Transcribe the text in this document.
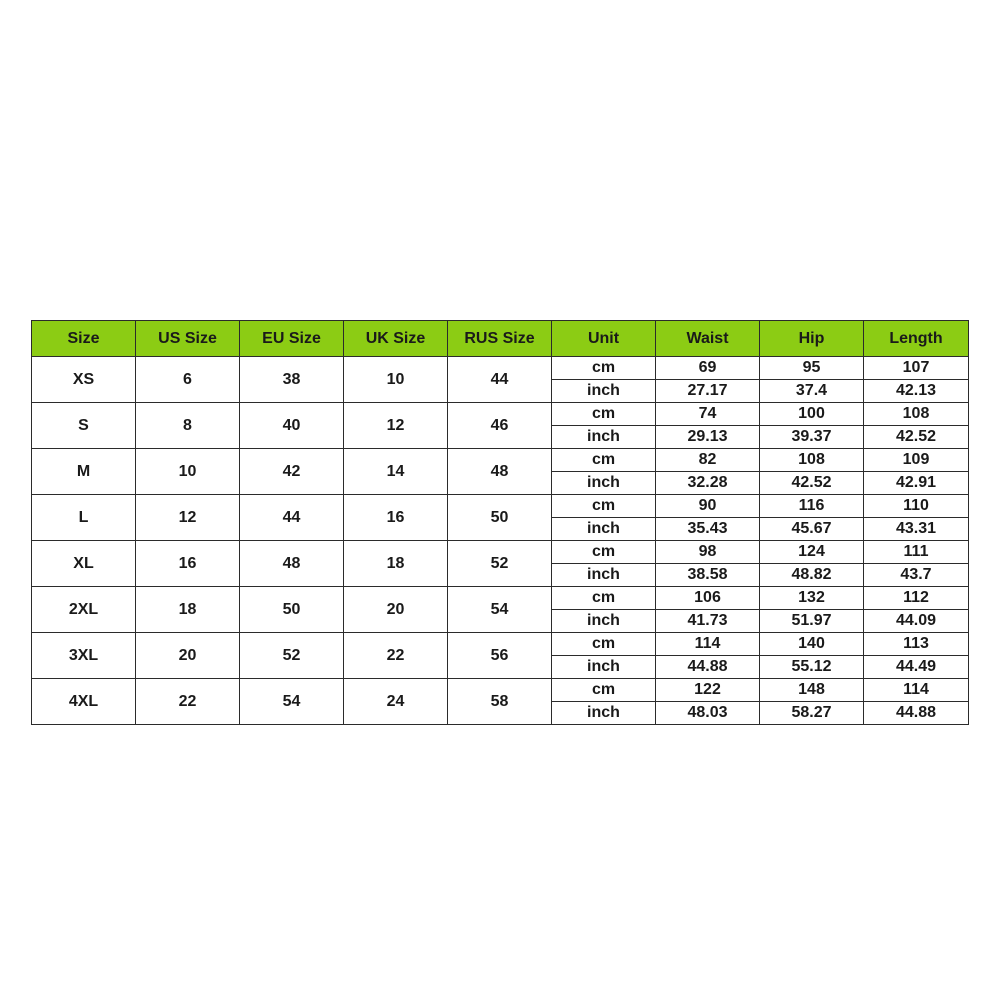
Size	US Size	EU Size	UK Size	RUS Size	Unit	Waist	Hip	Length
XS	6	38	10	44	cm	69	95	107
					inch	27.17	37.4	42.13
S	8	40	12	46	cm	74	100	108
					inch	29.13	39.37	42.52
M	10	42	14	48	cm	82	108	109
					inch	32.28	42.52	42.91
L	12	44	16	50	cm	90	116	110
					inch	35.43	45.67	43.31
XL	16	48	18	52	cm	98	124	111
					inch	38.58	48.82	43.7
2XL	18	50	20	54	cm	106	132	112
					inch	41.73	51.97	44.09
3XL	20	52	22	56	cm	114	140	113
					inch	44.88	55.12	44.49
4XL	22	54	24	58	cm	122	148	114
					inch	48.03	58.27	44.88
